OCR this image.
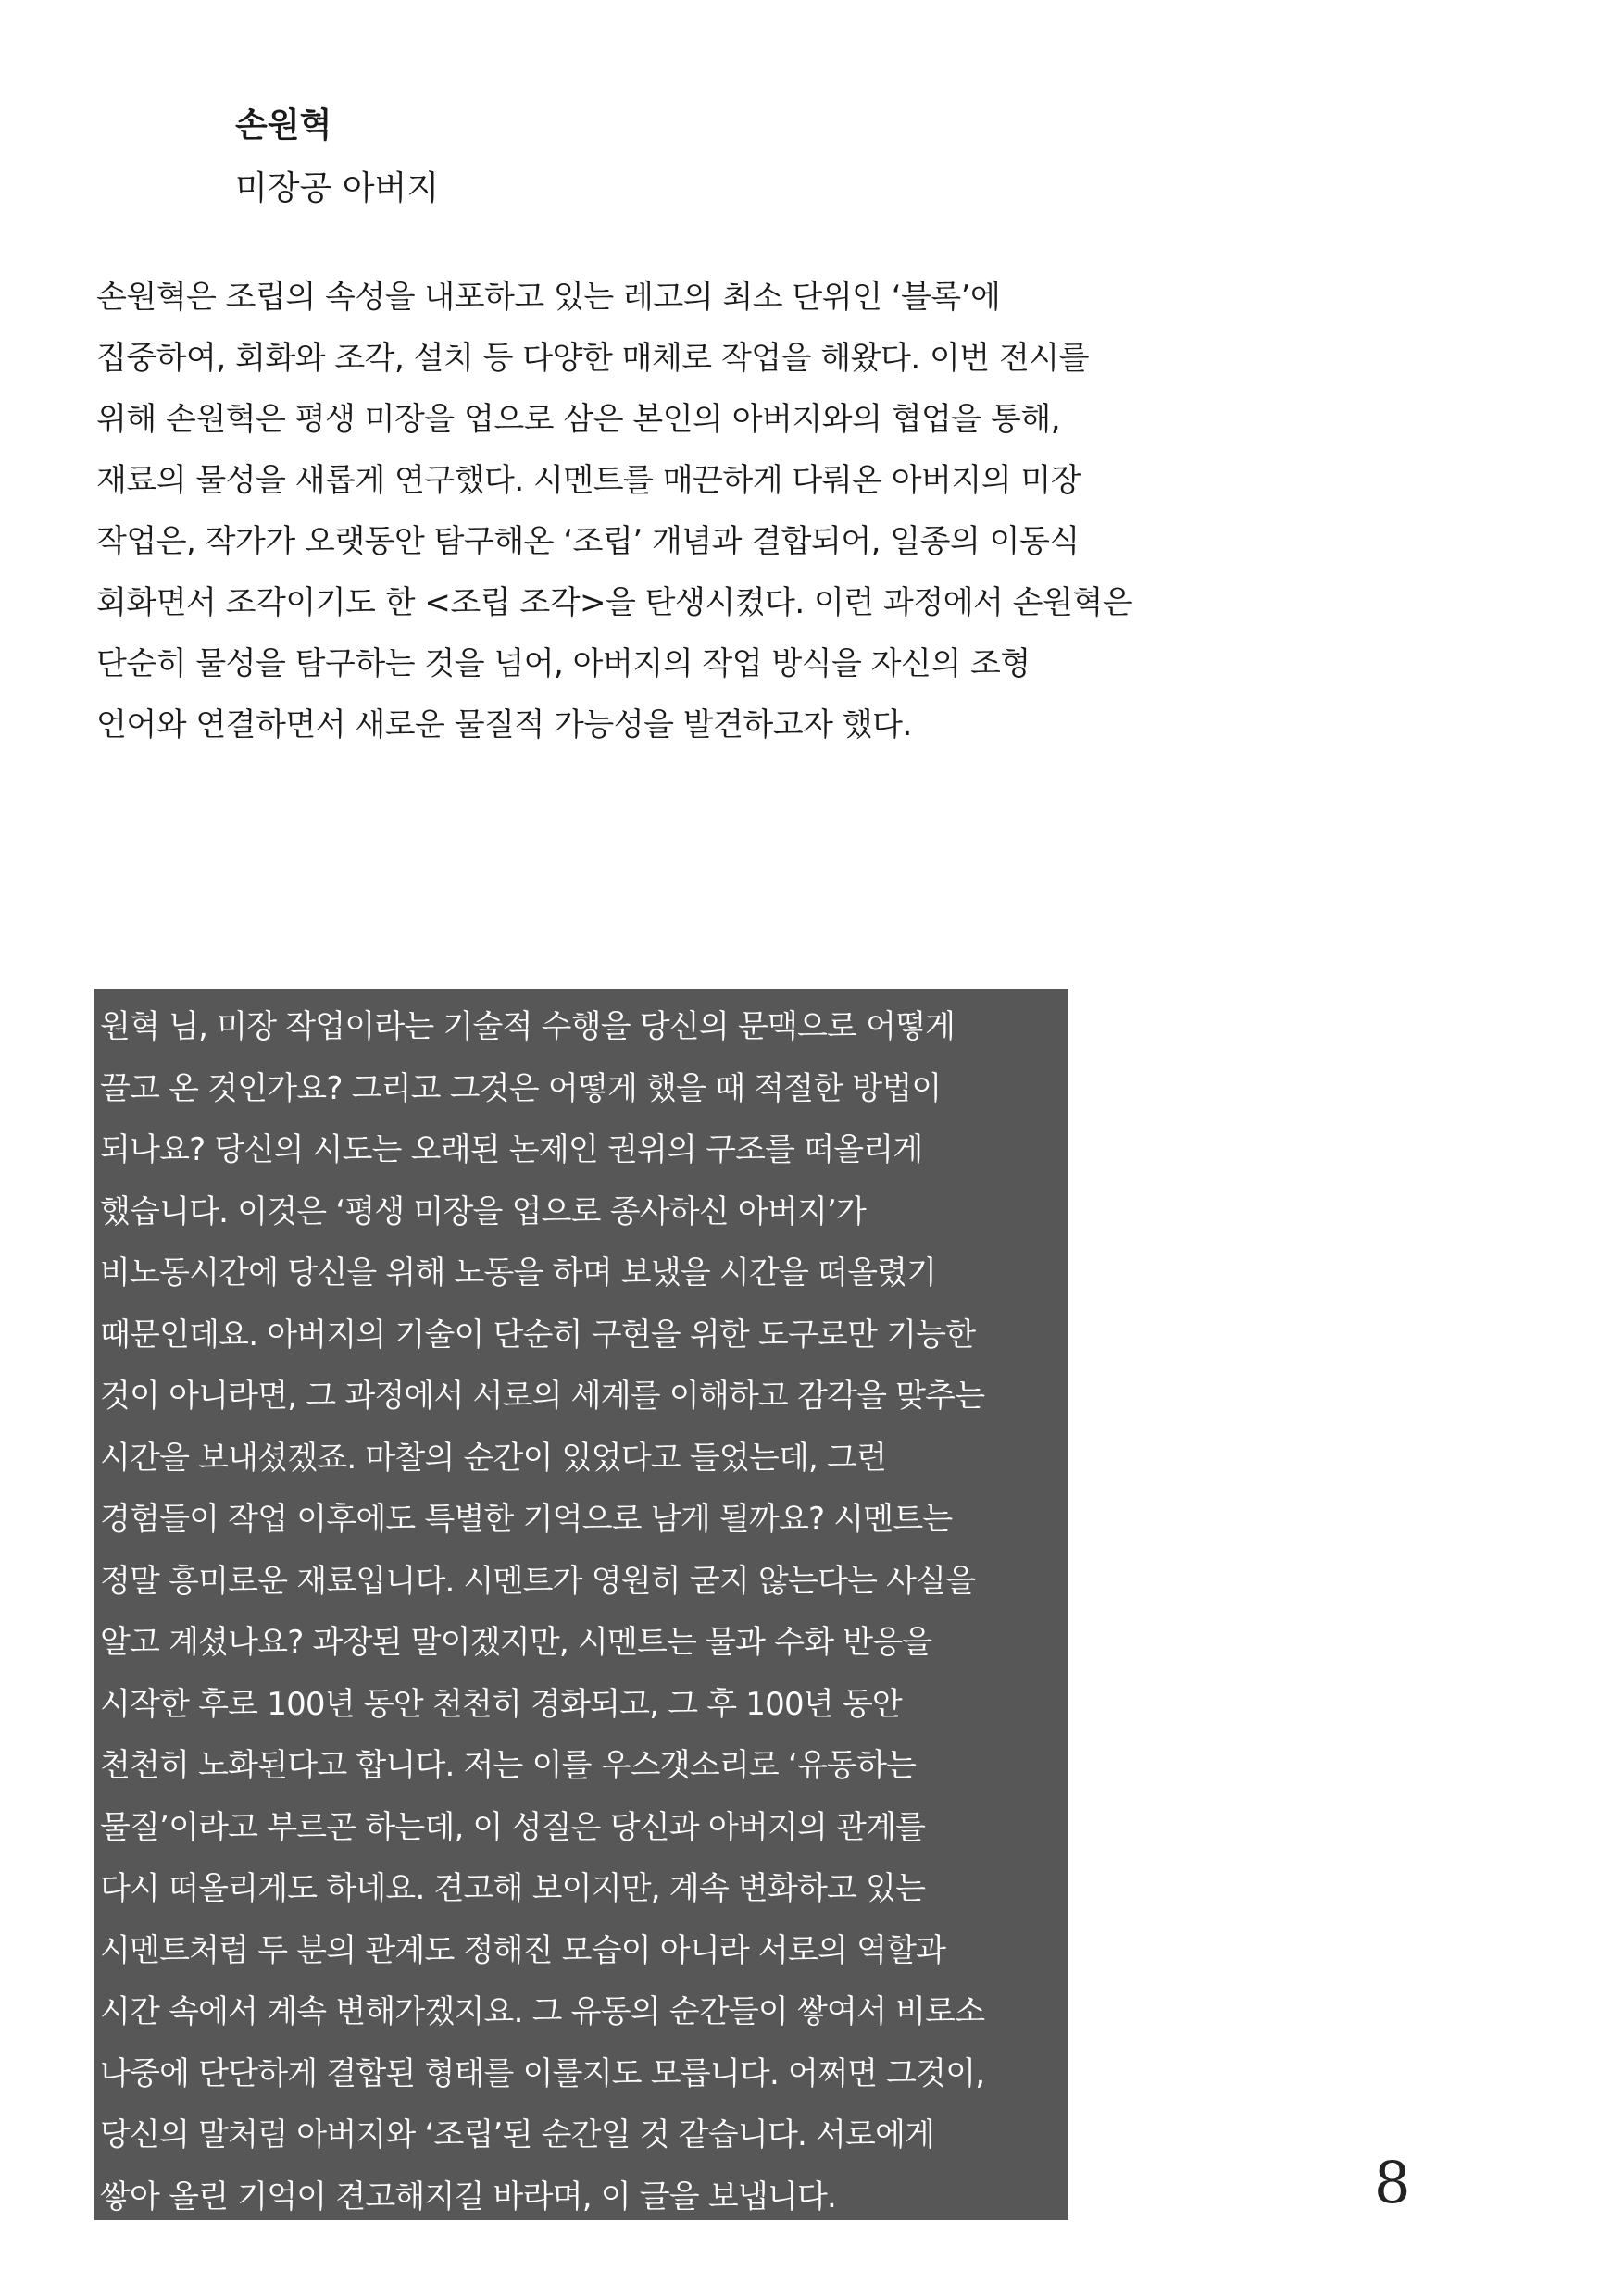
손원혁
미장공 아버지
손원혁은 조립의 속성을 내포하고 있는 레고의 최소 단위인 ‘블록’에
집중하여, 회화와 조각, 설치 등 다양한 매체로 작업을 해왔다. 이번 전시를
위해 손원혁은 평생 미장을 업으로 삼은 본인의 아버지와의 협업을 통해,
재료의 물성을 새롭게 연구했다. 시멘트를 매끈하게 다뤄온 아버지의 미장
작업은, 작가가 오랫동안 탐구해온 ‘조립’ 개념과 결합되어, 일종의 이동식
회화면서 조각이기도 한 <조립 조각>을 탄생시켰다. 이런 과정에서 손원혁은
단순히 물성을 탐구하는 것을 넘어, 아버지의 작업 방식을 자신의 조형
언어와 연결하면서 새로운 물질적 가능성을 발견하고자 했다.
원혁 님, 미장 작업이라는 기술적 수행을 당신의 문맥으로 어떻게
끌고 온 것인가요? 그리고 그것은 어떻게 했을 때 적절한 방법이
되나요? 당신의 시도는 오래된 논제인 권위의 구조를 떠올리게
했습니다. 이것은 ‘평생 미장을 업으로 종사하신 아버지’가
비노동시간에 당신을 위해 노동을 하며 보냈을 시간을 떠올렸기
때문인데요. 아버지의 기술이 단순히 구현을 위한 도구로만 기능한
것이 아니라면, 그 과정에서 서로의 세계를 이해하고 감각을 맞추는
시간을 보내셨겠죠. 마찰의 순간이 있었다고 들었는데, 그런
경험들이 작업 이후에도 특별한 기억으로 남게 될까요? 시멘트는
정말 흥미로운 재료입니다. 시멘트가 영원히 굳지 않는다는 사실을
알고 계셨나요? 과장된 말이겠지만, 시멘트는 물과 수화 반응을
시작한 후로 100년 동안 천천히 경화되고, 그 후 100년 동안
천천히 노화된다고 합니다. 저는 이를 우스갯소리로 ‘유동하는
물질’이라고 부르곤 하는데, 이 성질은 당신과 아버지의 관계를
다시 떠올리게도 하네요. 견고해 보이지만, 계속 변화하고 있는
시멘트처럼 두 분의 관계도 정해진 모습이 아니라 서로의 역할과
시간 속에서 계속 변해가겠지요. 그 유동의 순간들이 쌓여서 비로소
나중에 단단하게 결합된 형태를 이룰지도 모릅니다. 어쩌면 그것이,
당신의 말처럼 아버지와 ‘조립’된 순간일 것 같습니다. 서로에게
쌓아 올린 기억이 견고해지길 바라며, 이 글을 보냅니다.	8
